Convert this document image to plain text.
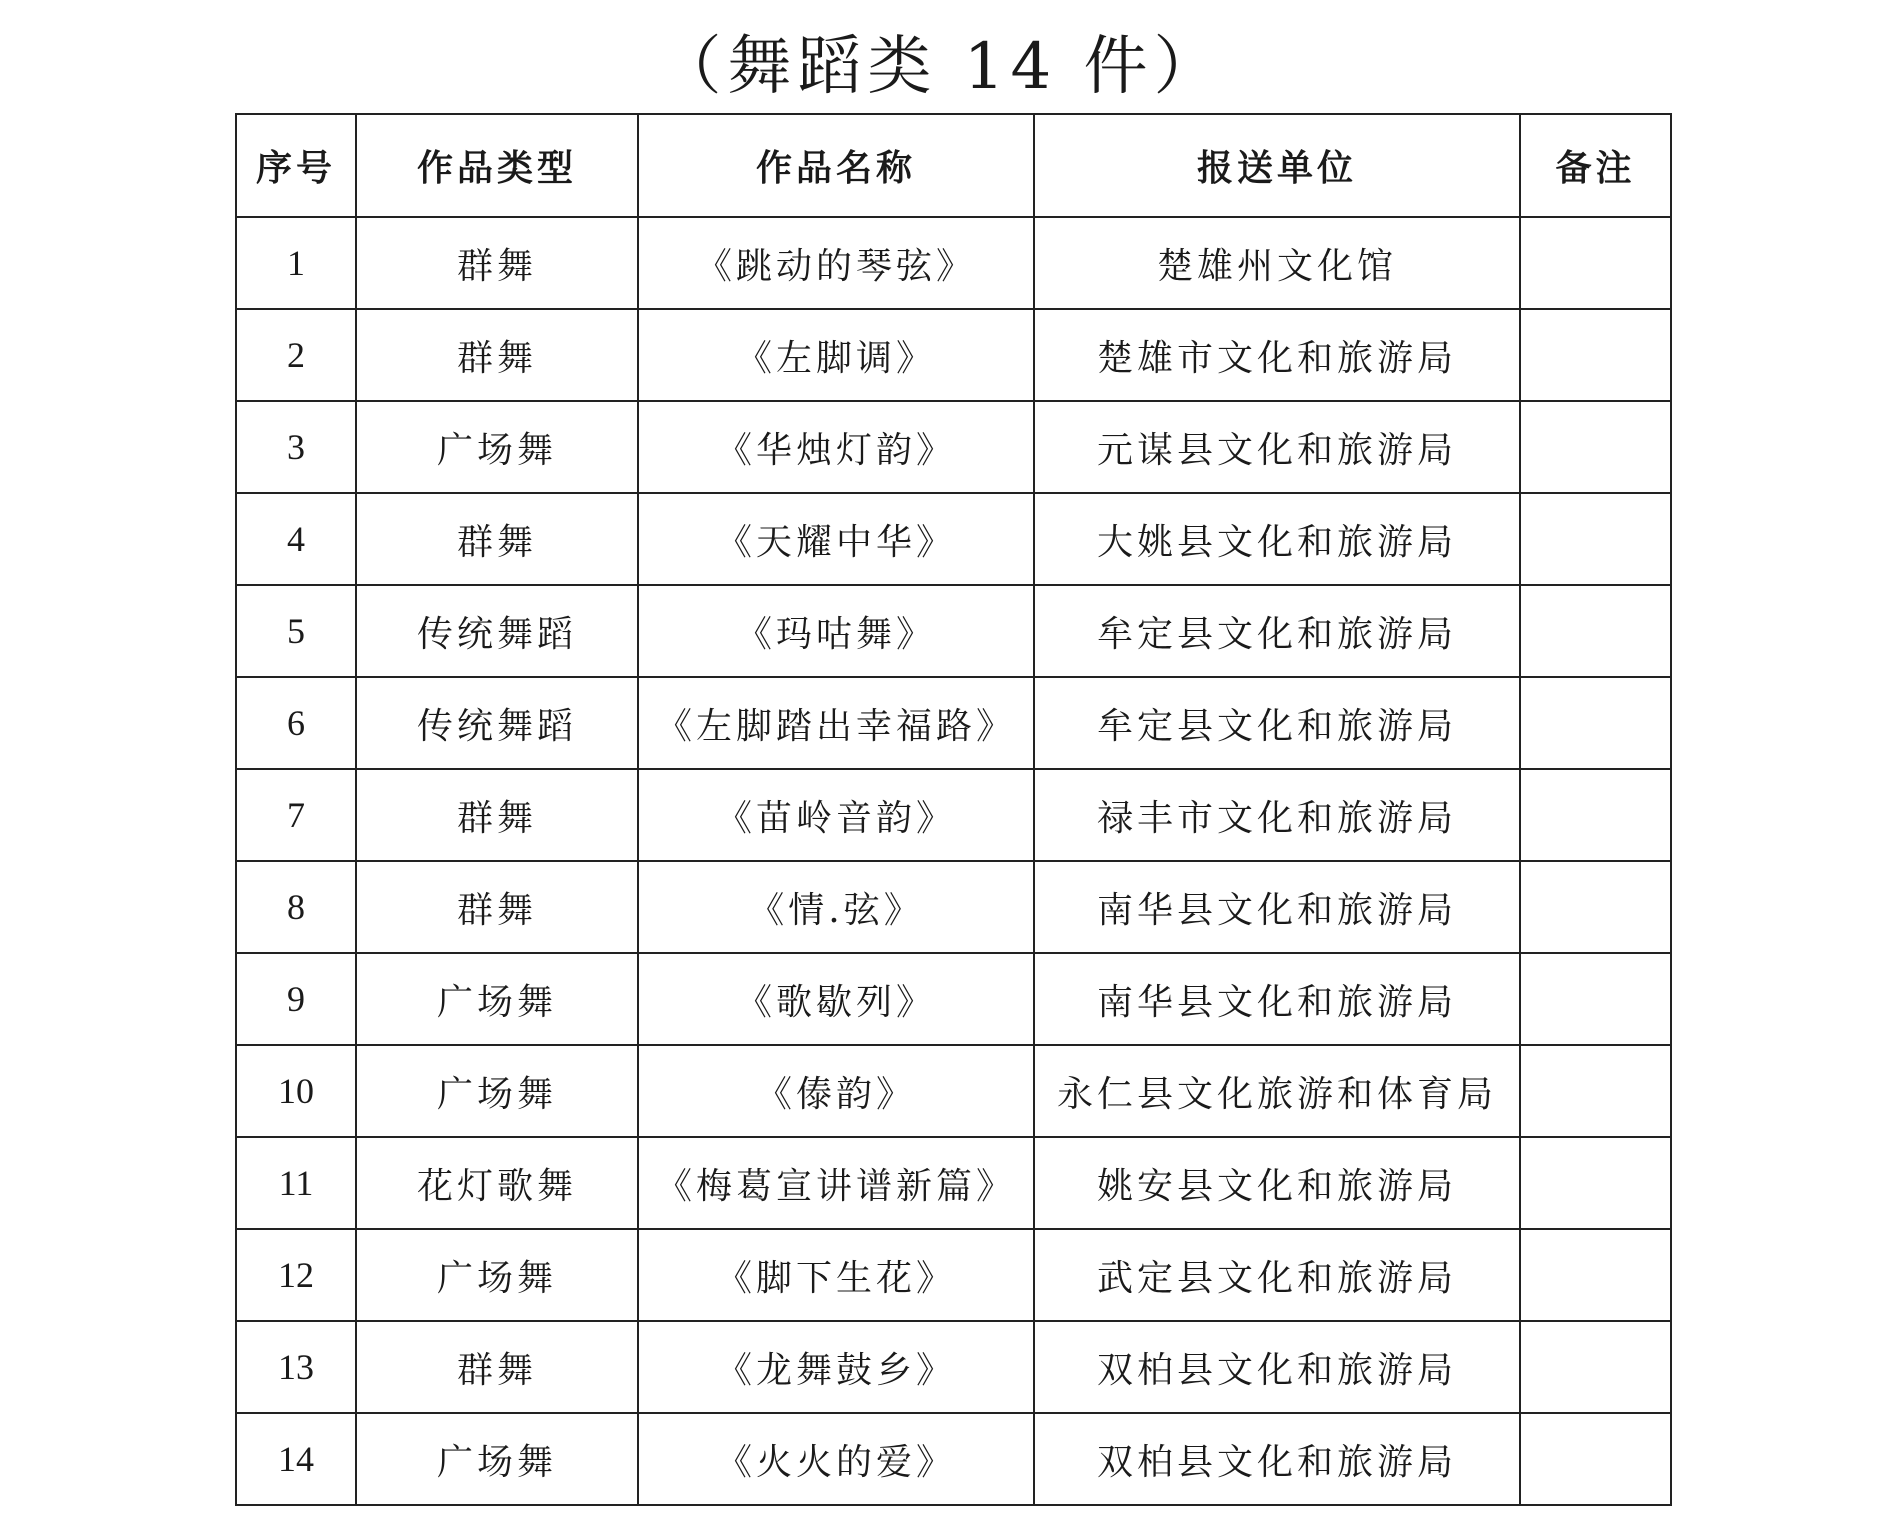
（舞蹈类 14 件）
序号	作品类型	作品名称	报送单位	备注
1	群舞	《跳动的琴弦》	楚雄州文化馆	
2	群舞	《左脚调》	楚雄市文化和旅游局	
3	广场舞	《华烛灯韵》	元谋县文化和旅游局	
4	群舞	《天耀中华》	大姚县文化和旅游局	
5	传统舞蹈	《玛咕舞》	牟定县文化和旅游局	
6	传统舞蹈	《左脚踏出幸福路》	牟定县文化和旅游局	
7	群舞	《苗岭音韵》	禄丰市文化和旅游局	
8	群舞	《情.弦》	南华县文化和旅游局	
9	广场舞	《歌歇列》	南华县文化和旅游局	
10	广场舞	《傣韵》	永仁县文化旅游和体育局	
11	花灯歌舞	《梅葛宣讲谱新篇》	姚安县文化和旅游局	
12	广场舞	《脚下生花》	武定县文化和旅游局	
13	群舞	《龙舞鼓乡》	双柏县文化和旅游局	
14	广场舞	《火火的爱》	双柏县文化和旅游局	
